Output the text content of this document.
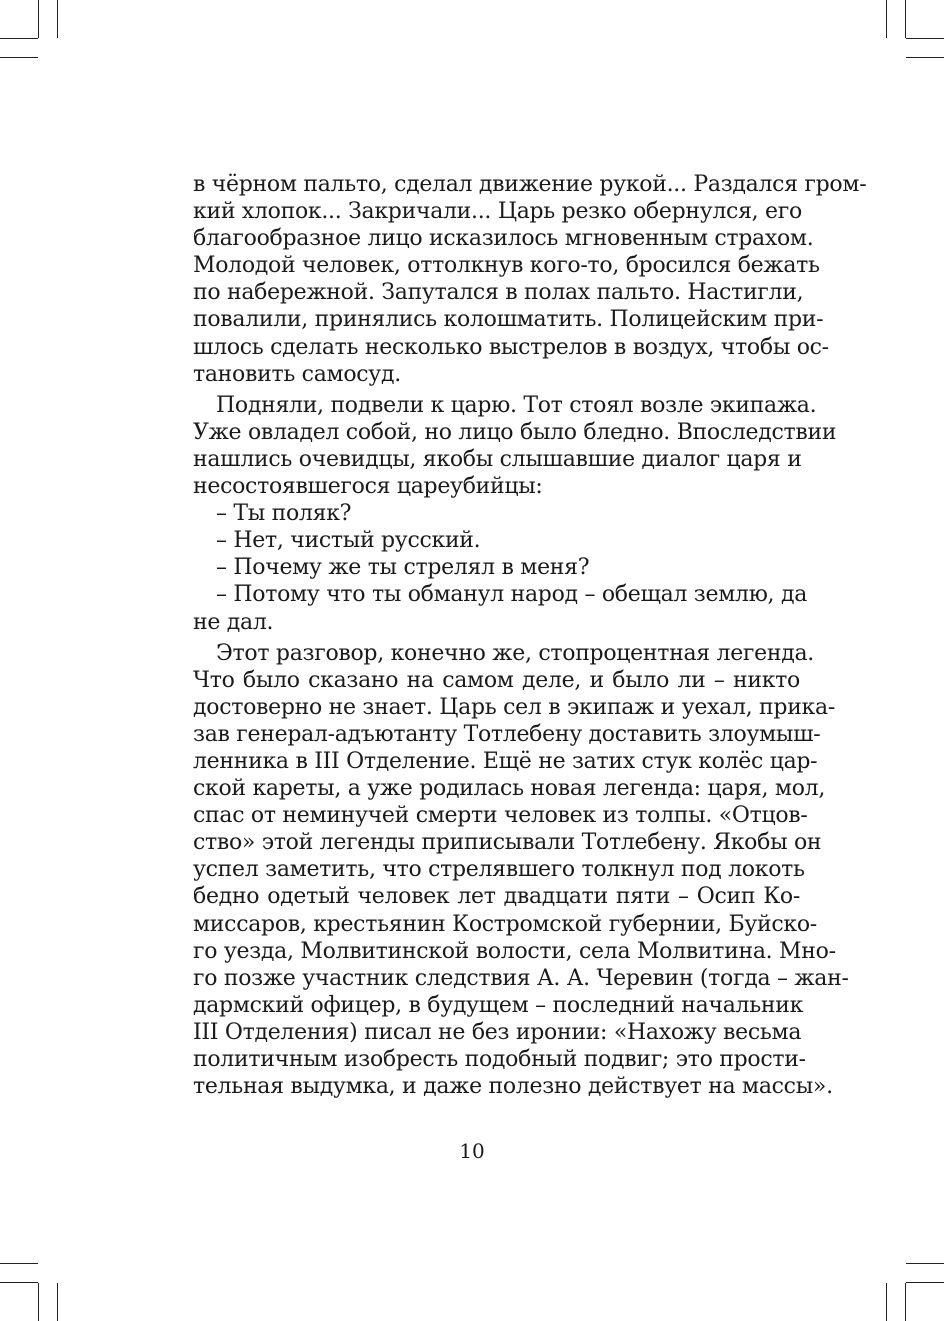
в чёрном пальто, сделал движение рукой... Раздался гром-
кий хлопок... Закричали... Царь резко обернулся, его
благообразное лицо исказилось мгновенным страхом.
Молодой человек, оттолкнув кого-то, бросился бежать
по набережной. Запутался в полах пальто. Настигли,
повалили, принялись колошматить. Полицейским при-
шлось сделать несколько выстрелов в воздух, чтобы ос-
тановить самосуд.
Подняли, подвели к царю. Тот стоял возле экипажа.
Уже овладел собой, но лицо было бледно. Впоследствии
нашлись очевидцы, якобы слышавшие диалог царя и
несостоявшегося цареубийцы:
– Ты поляк?
– Нет, чистый русский.
– Почему же ты стрелял в меня?
– Потому что ты обманул народ – обещал землю, да
не дал.
Этот разговор, конечно же, стопроцентная легенда.
Что было сказано на самом деле, и было ли – никто
достоверно не знает. Царь сел в экипаж и уехал, прика-
зав генерал-адъютанту Тотлебену доставить злоумыш-
ленника в III Отделение. Ещё не затих стук колёс цар-
ской кареты, а уже родилась новая легенда: царя, мол,
спас от неминучей смерти человек из толпы. «Отцов-
ство» этой легенды приписывали Тотлебену. Якобы он
успел заметить, что стрелявшего толкнул под локоть
бедно одетый человек лет двадцати пяти – Осип Ко-
миссаров, крестьянин Костромской губернии, Буйско-
го уезда, Молвитинской волости, села Молвитина. Мно-
го позже участник следствия А. А. Черевин (тогда – жан-
дармский офицер, в будущем – последний начальник
III Отделения) писал не без иронии: «Нахожу весьма
политичным изобресть подобный подвиг; это прости-
тельная выдумка, и даже полезно действует на массы».
10
